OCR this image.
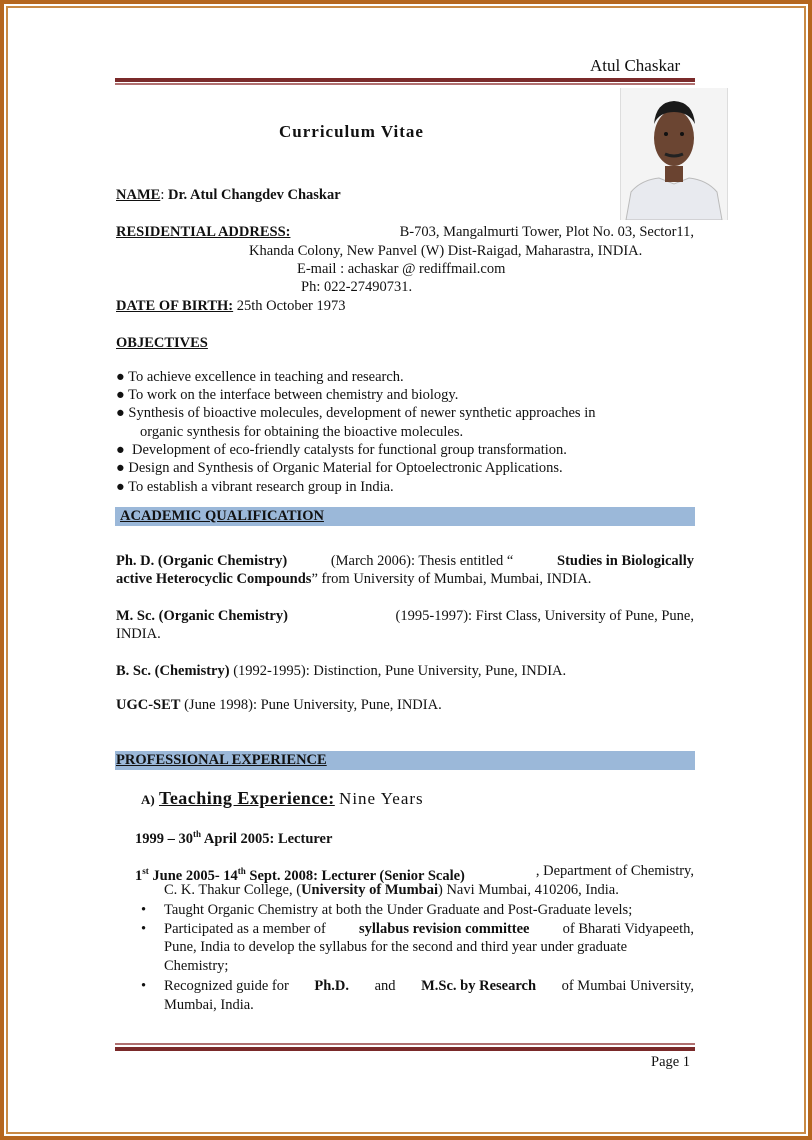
Atul Chaskar
Curriculum Vitae
NAME: Dr. Atul Changdev Chaskar
RESIDENTIAL ADDRESS:	B-703, Mangalmurti Tower, Plot No. 03, Sector11,
Khanda Colony, New Panvel (W) Dist-Raigad, Maharastra, INDIA.
E-mail : achaskar @ rediffmail.com
Ph: 022-27490731.
DATE OF BIRTH: 25th October 1973
OBJECTIVES
● To achieve excellence in teaching and research.
● To work on the interface between chemistry and biology.
● Synthesis of bioactive molecules, development of newer synthetic approaches in
organic synthesis for obtaining the bioactive molecules.
●  Development of eco-friendly catalysts for functional group transformation.
● Design and Synthesis of Organic Material for Optoelectronic Applications.
● To establish a vibrant research group in India.
ACADEMIC QUALIFICATION
Ph. D. (Organic Chemistry)	(March 2006): Thesis entitled “	Studies in Biologically
active Heterocyclic Compounds” from University of Mumbai, Mumbai, INDIA.
M. Sc. (Organic Chemistry)	(1995-1997): First Class, University of Pune, Pune,
INDIA.
B. Sc. (Chemistry) (1992-1995): Distinction, Pune University, Pune, INDIA.
UGC-SET (June 1998): Pune University, Pune, INDIA.
PROFESSIONAL EXPERIENCE
A) Teaching Experience: Nine Years
1999 – 30th April 2005: Lecturer
1st June 2005- 14th Sept. 2008: Lecturer (Senior Scale)	, Department of Chemistry,
C. K. Thakur College, (University of Mumbai) Navi Mumbai, 410206, India.
• Taught Organic Chemistry at both the Under Graduate and Post-Graduate levels;
• Participated as a member of syllabus revision committee of Bharati Vidyapeeth,
Pune, India to develop the syllabus for the second and third year under graduate
Chemistry;
• Recognized guide for Ph.D. and M.Sc. by Research of Mumbai University,
Mumbai, India.
Page 1
